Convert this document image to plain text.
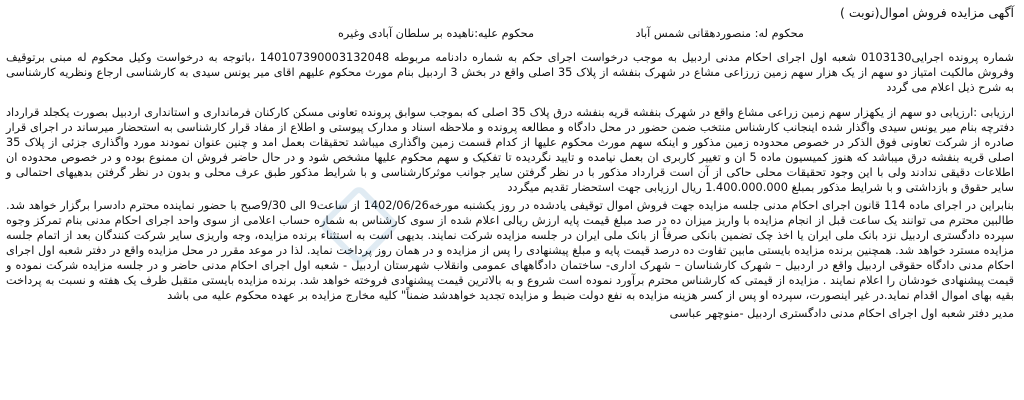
آگهی مزایده فروش اموال(نوبت )
محکوم له: منصوردهقانی شمس آباد
محکوم علیه:ناهیده بر سلطان آبادی وغیره

شماره پرونده اجرایی0103130 شعبه اول اجرای احکام مدنی اردبیل به موجب درخواست اجرای حکم به شماره دادنامه مربوطه 140107390003132048 ،باتوجه به درخواست وکیل محکوم له مبنی برتوقیف وفروش مالکیت امتیاز دو سهم از یک هزار سهم زمین زرزاعی مشاع در شهرک بنفشه از پلاک 35 اصلی واقع در بخش 3 اردبیل بنام مورث محکوم علیهم اقای میر یونس سیدی به کارشناسی ارجاع ونظریه کارشناسی به شرح ذیل اعلام می گردد

ارزیابی :ارزیابی دو سهم از یکهزار سهم زمین زراعی مشاع واقع در شهرک بنفشه قریه بنفشه درق پلاک 35 اصلی که بموجب سوابق پرونده تعاونی مسکن کارکنان فرمانداری و استانداری اردبیل بصورت یکجلد قرارداد دفترچه بنام میر یونس سیدی واگذار شده اینجانب کارشناس منتخب ضمن حضور در محل دادگاه و مطالعه پرونده و ملاحظه اسناد و مدارک پیوستی و اطلاع از مفاد قرار کارشناسی به استحضار میرساند در اجرای قرار صادره از شرکت تعاونی فوق الذکر در خصوص محدوده زمین مذکور و اینکه سهم مورث محکوم علیها از کدام قسمت زمین واگذاری میباشد تحقیقات بعمل امد و چنین عنوان نمودند مورد واگذاری جزئی از پلاک 35 اصلی قریه بنفشه درق میباشد که هنوز کمیسیون ماده 5 ان و تغییر کاربری ان بعمل نیامده و تایید نگردیده تا تفکیک و سهم محکوم علیها مشخص شود و در حال حاضر فروش ان ممنوع بوده و در خصوص محدوده ان اطلاعات دقیقی ندادند ولی با این وجود تحقیقات محلی حاکی از آن است قرارداد مذکور با در نظر گرفتن سایر جوانب موثرکارشناسی و با شرایط مذکور طبق عرف محلی و بدون در نظر گرفتن بدهیهای احتمالی و سایر حقوق و بازداشتی و با شرایط مذکور بمبلغ 1.400.000.000 ریال ارزیابی جهت استحضار تقدیم میگردد

بنابراین در اجرای ماده 114 قانون اجرای احکام مدنی جلسه مزایده جهت فروش اموال توقیفی یادشده در روز یکشنبه مورخه1402/06/26 از ساعت9 الی 9/30صبح با حضور نماینده محترم دادسرا برگزار خواهد شد. طالبین محترم می توانند یک ساعت قبل از انجام مزایده با واریز میزان ده در صد مبلغ قیمت پایه ارزش ریالی اعلام شده از سوی کارشناس به شماره حساب اعلامی از سوی واحد اجرای احکام مدنی بنام تمرکز وجوه سپرده دادگستری اردبیل نزد بانک ملی ایران یا اخذ چک تضمین بانکی صرفاً از بانک ملی ایران در جلسه مزایده شرکت نمایند. بدیهی است به استثناء برنده مزایده، وجه واریزی سایر شرکت کنندگان بعد از اتمام جلسه مزایده مسترد خواهد شد. همچنین برنده مزایده بایستی مابین تفاوت ده درصد قیمت پایه و مبلغ پیشنهادی را پس از مزایده و در همان روز پرداخت نماید. لذا در موعد مقرر در محل مزایده واقع در دفتر شعبه اول اجرای احکام مدنی دادگاه حقوقی اردبیل واقع در اردبیل – شهرک کارشناسان – شهرک اداری- ساختمان دادگاههای عمومی وانقلاب شهرستان اردبیل - شعبه اول اجرای احکام مدنی حاضر و در جلسه مزایده شرکت نموده و قیمت پیشنهادی خودشان را اعلام نمایند . مزایده از قیمتی که کارشناس محترم برآورد نموده است شروع و به بالاترین قیمت پیشنهادی فروخته خواهد شد. برنده مزایده بایستی متقبل ظرف یک هفته و نسبت به پرداخت بقیه بهای اموال اقدام نماید.در غیر اینصورت، سپرده او پس از کسر هزینه مزایده به نفع دولت ضبط و مزایده تجدید خواهدشد ضمناً" کلیه مخارج مزایده بر عهده محکوم علیه می باشد

مدیر دفتر شعبه اول اجرای احکام مدنی دادگستری اردبیل -منوچهر عباسی
